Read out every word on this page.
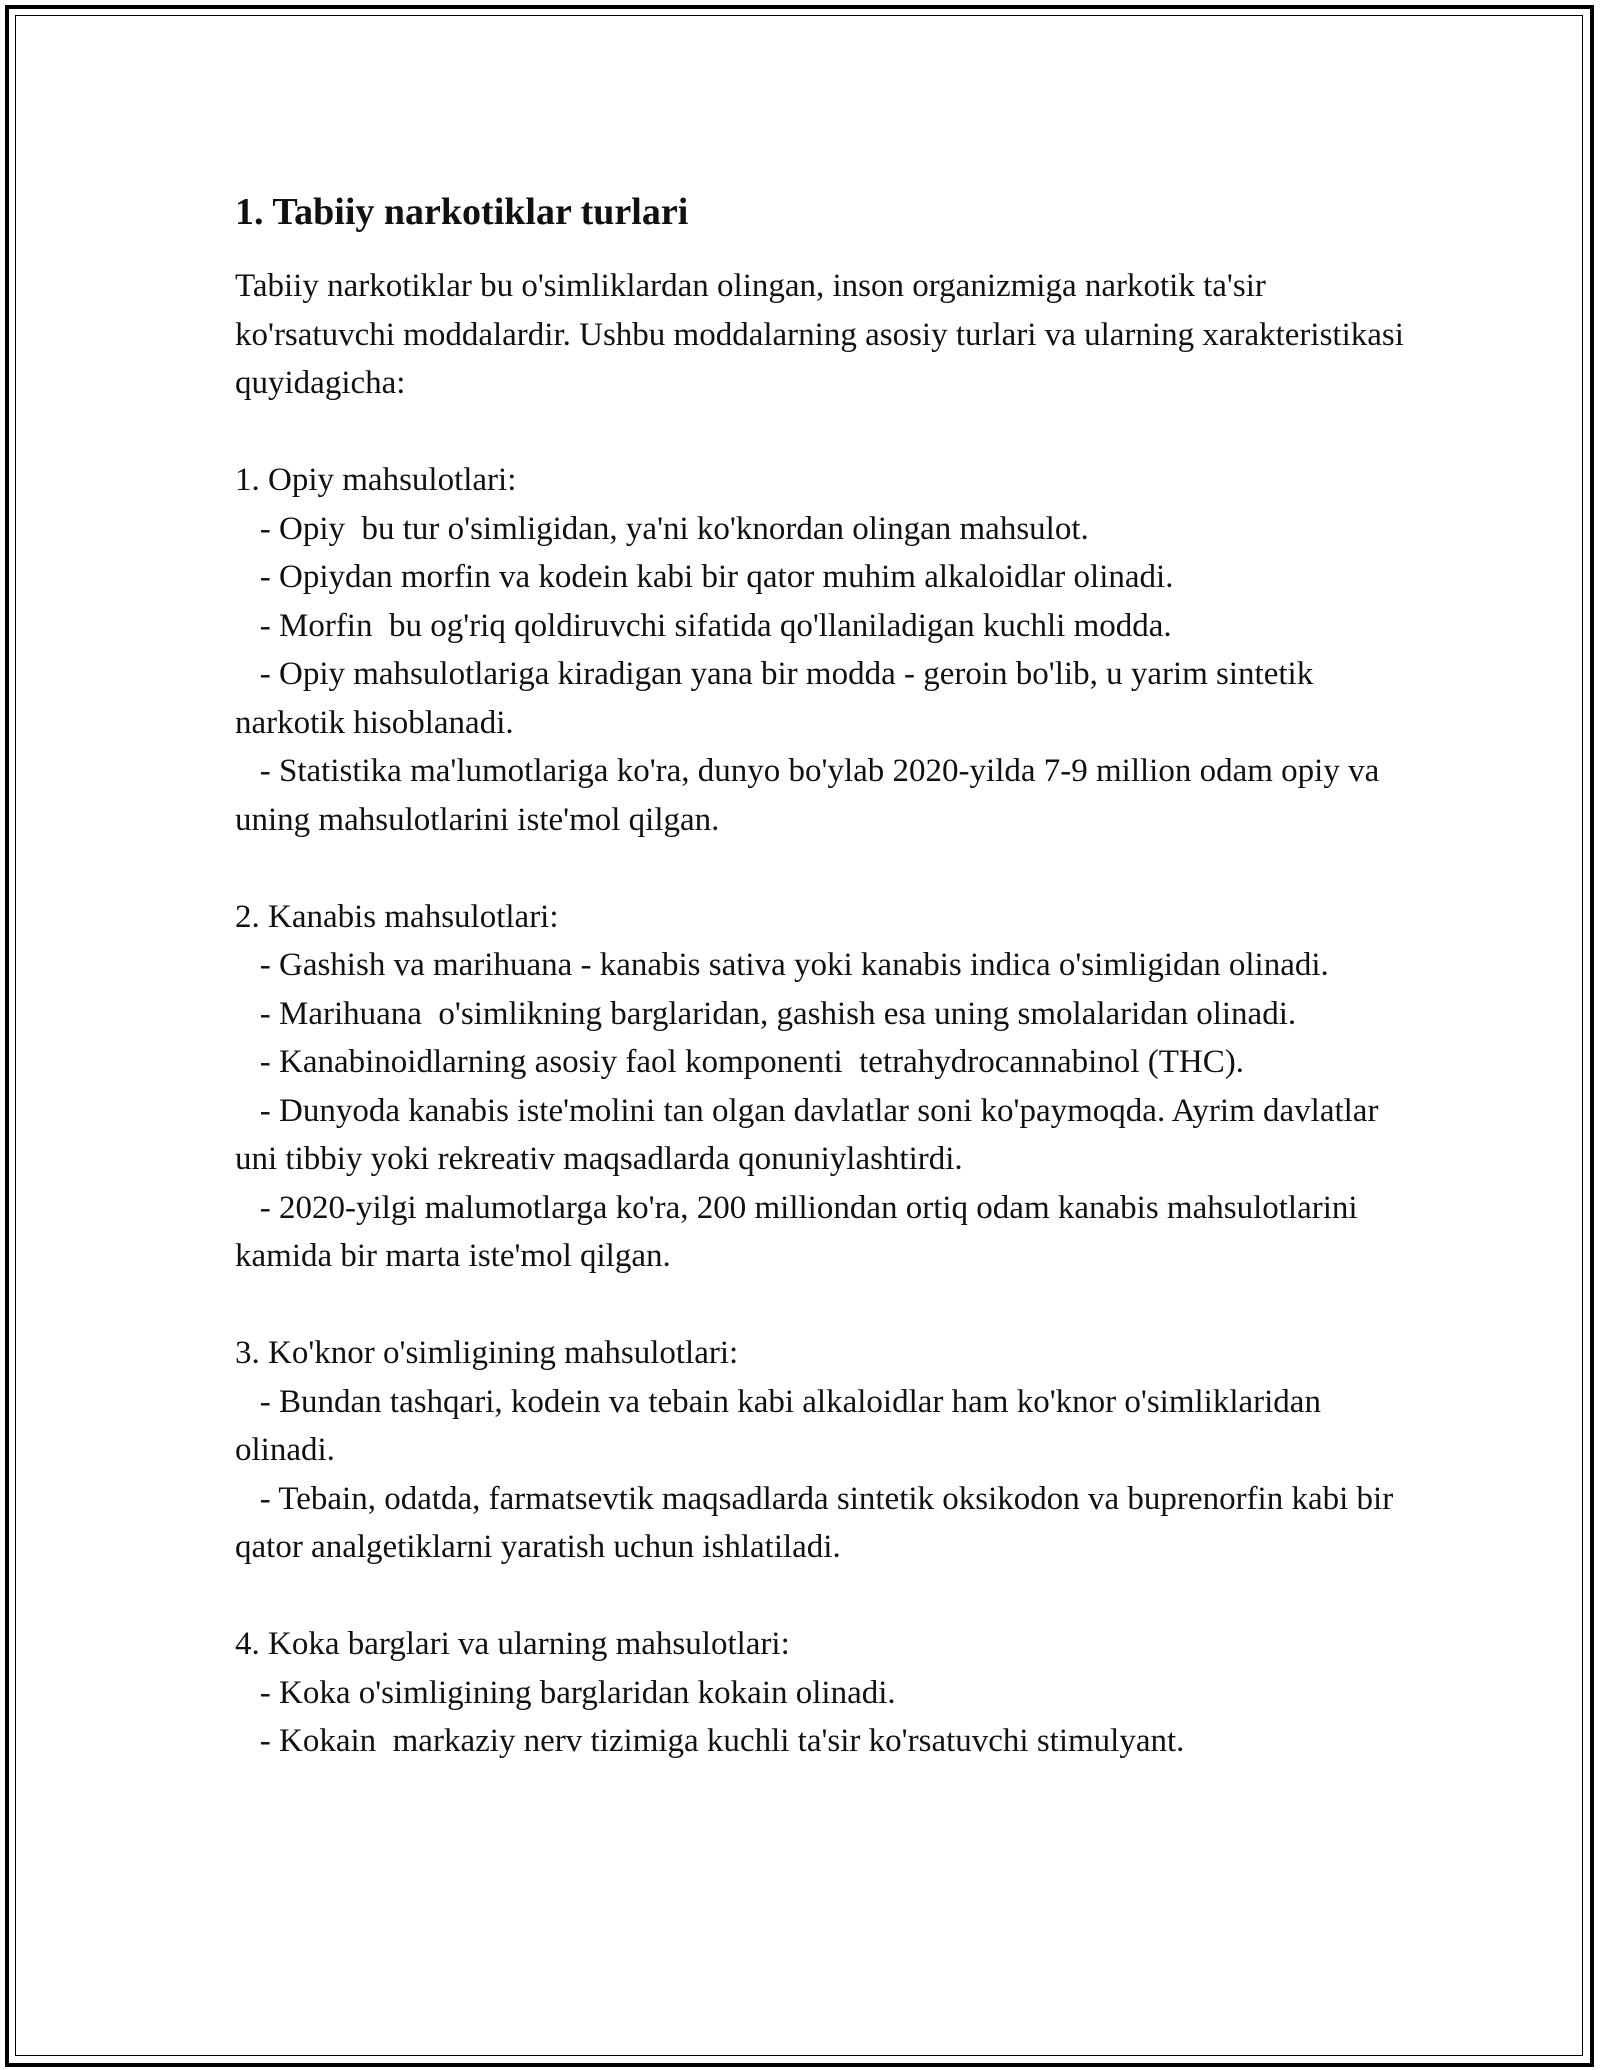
1. Tabiiy narkotiklar turlari

Tabiiy narkotiklar bu o'simliklardan olingan, inson organizmiga narkotik ta'sir ko'rsatuvchi moddalardir. Ushbu moddalarning asosiy turlari va ularning xarakteristikasi quyidagicha:

1. Opiy mahsulotlari:

- Opiy  bu tur o'simligidan, ya'ni ko'knordan olingan mahsulot.
- Opiydan morfin va kodein kabi bir qator muhim alkaloidlar olinadi.
- Morfin  bu og'riq qoldiruvchi sifatida qo'llaniladigan kuchli modda.
- Opiy mahsulotlariga kiradigan yana bir modda - geroin bo'lib, u yarim sintetik narkotik hisoblanadi.
- Statistika ma'lumotlariga ko'ra, dunyo bo'ylab 2020-yilda 7-9 million odam opiy va uning mahsulotlarini iste'mol qilgan.

2. Kanabis mahsulotlari:

- Gashish va marihuana - kanabis sativa yoki kanabis indica o'simligidan olinadi.
- Marihuana  o'simlikning barglaridan, gashish esa uning smolalaridan olinadi.
- Kanabinoidlarning asosiy faol komponenti  tetrahydrocannabinol (THC).
- Dunyoda kanabis iste'molini tan olgan davlatlar soni ko'paymoqda. Ayrim davlatlar uni tibbiy yoki rekreativ maqsadlarda qonuniylashtirdi.
- 2020-yilgi malumotlarga ko'ra, 200 milliondan ortiq odam kanabis mahsulotlarini kamida bir marta iste'mol qilgan.

3. Ko'knor o'simligining mahsulotlari:

- Bundan tashqari, kodein va tebain kabi alkaloidlar ham ko'knor o'simliklaridan olinadi.
- Tebain, odatda, farmatsevtik maqsadlarda sintetik oksikodon va buprenorfin kabi bir qator analgetiklarni yaratish uchun ishlatiladi.

4. Koka barglari va ularning mahsulotlari:

- Koka o'simligining barglaridan kokain olinadi.
- Kokain  markaziy nerv tizimiga kuchli ta'sir ko'rsatuvchi stimulyant.
